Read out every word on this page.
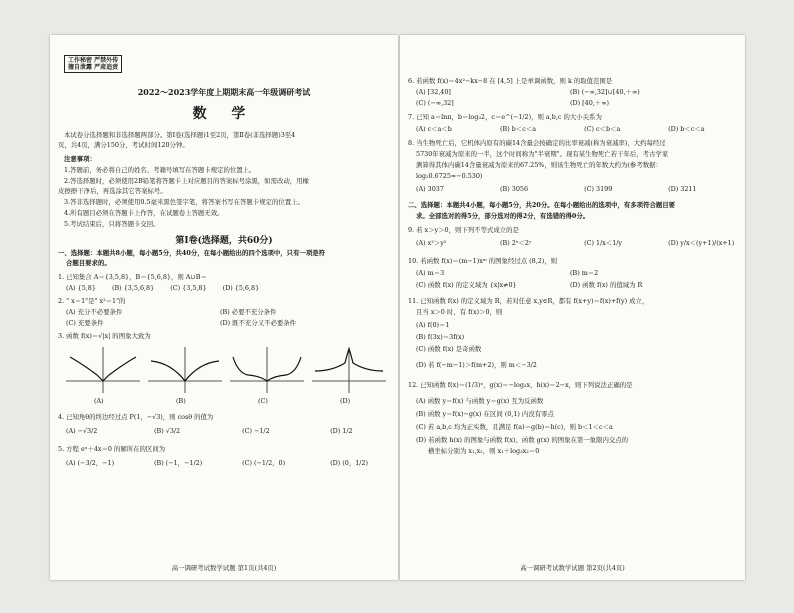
工作秘密 严禁外传
擅自泄露 严肃追责
2022～2023学年度上期期末高一年级调研考试
数 学
本试卷分选择题和非选择题两部分。第Ⅰ卷(选择题)1至2页，第Ⅱ卷(非选择题)3至4
页，共4页，满分150分，考试时间120分钟。
注意事项：
1.答题前，务必将自己的姓名、考籍号填写在答题卡规定的位置上。
2.答选择题时，必须使用2B铅笔将答题卡上对应题目的答案标号涂黑，如需改动，用橡
皮擦擦干净后，再选涂其它答案标号。
3.答非选择题时，必须使用0.5毫米黑色签字笔，将答案书写在答题卡规定的位置上。
4.所有题目必须在答题卡上作答，在试题卷上答题无效。
5.考试结束后，只将答题卡交回。
第Ⅰ卷(选择题，共60分)
一、选择题：本题共8小题，每小题5分，共40分，在每小题给出的四个选项中，只有一项是符
合题目要求的。
1. 已知集合 A＝{3,5,8}，B＝{5,6,8}，则 A∪B＝
(A) {5,8}	(B) {3,5,6,8}	(C) {3,5,8}	(D) {5,6,8}
2. " x＝1"是" x²＝1"的
(A) 充分不必要条件	(B) 必要不充分条件
(C) 充要条件	(D) 既不充分又不必要条件
3. 函数 f(x)＝√|x| 的图象大致为
(A)	(B)	(C)	(D)
4. 已知角θ的终边经过点 P(1，−√3)，则 cosθ 的值为
(A) −√3/2	(B) √3/2	(C) −1/2	(D) 1/2
5. 方程 eˣ＋4x＝0 的解所在的区间为
(A) (−3/2，−1)	(B) (−1，−1/2)	(C) (−1/2，0)	(D) (0，1/2)
高一调研考试数学试题 第1页(共4页)
6. 若函数 f(x)＝4x²−kx−8 在 [4,5] 上是单调函数，则 k 的取值范围是
(A) [32,40]	(B) (−∞,32]∪[40,＋∞)
(C) (−∞,32]	(D) [40,＋∞)
7. 已知 a＝lnπ，b＝log₃2，c＝e^(−1/2)，则 a,b,c 的大小关系为
(A) c＜a＜b	(B) b＜c＜a	(C) c＜b＜a	(D) b＜c＜a
8. 当生物死亡后，它机体内原有的碳14含量会按确定的比率衰减(称为衰减率)，大约每经过
5730年衰减为原来的一半，这个时间称为"半衰期"。现有某生物死亡若干年后，考古学家
测算得其体内碳14含量衰减为原来的67.25%，则该生物死亡的年数大约为(参考数据：
log₂0.6725≈−0.530)
(A) 3037	(B) 3056	(C) 3199	(D) 3211
二、选择题：本题共4小题，每小题5分，共20分。在每小题给出的选项中，有多项符合题目要
求。全部选对的得5分，部分选对的得2分，有选错的得0分。
9. 若 x＞y＞0，则下列不等式成立的是
(A) x²＞y²	(B) 2ˣ＜2ʸ	(C) 1/x＜1/y	(D) y/x＜(y+1)/(x+1)
10. 若函数 f(x)＝(m−1)xᵐ 的图象经过点 (8,2)，则
(A) m＝3	(B) m＝2
(C) 函数 f(x) 的定义域为 {x|x≠0}	(D) 函数 f(x) 的值域为 R
11. 已知函数 f(x) 的定义域为 R，若对任意 x,y∈R，都有 f(x+y)＝f(x)+f(y) 成立，
且当 x＞0 时，有 f(x)＞0，则
(A) f(0)＝1
(B) f(3x)＝3f(x)
(C) 函数 f(x) 是奇函数
(D) 若 f(−m−1)＞f(m+2)，则 m＜−3/2
12. 已知函数 f(x)＝(1/3)ˣ，g(x)＝−log₃x，h(x)＝2−x，则下列说法正确的是
(A) 函数 y＝f(x) 与函数 y＝g(x) 互为反函数
(B) 函数 y＝f(x)−g(x) 在区间 (0,1) 内没有零点
(C) 若 a,b,c 均为正实数，且满足 f(a)＝g(b)＝h(c)，则 b＜1＜c＜a
(D) 若函数 h(x) 的图象与函数 f(x)、函数 g(x) 的图象在第一象限内交点的
横坐标分别为 x₁,x₂，则 x₁＋log₃x₂＝0
高一调研考试数学试题 第2页(共4页)
